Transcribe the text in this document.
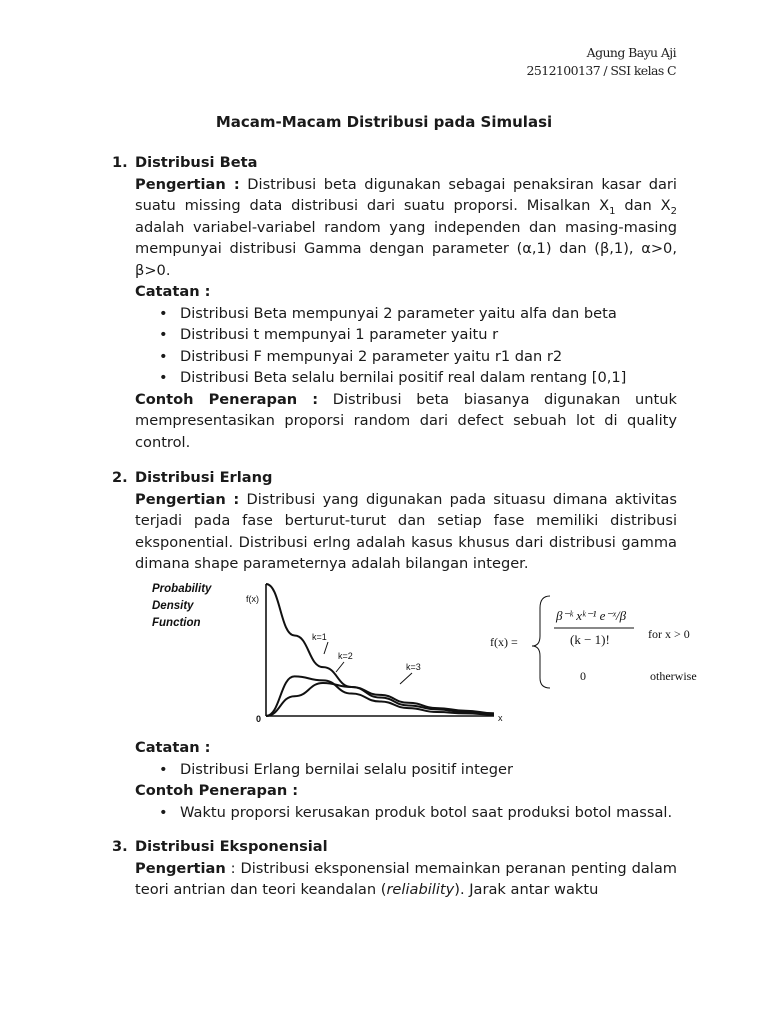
Agung Bayu Aji
2512100137 / SSI kelas C
Macam-Macam Distribusi pada Simulasi
1. Distribusi Beta
Pengertian : Distribusi beta digunakan sebagai penaksiran kasar dari suatu missing data distribusi dari suatu proporsi. Misalkan $X_1$ dan $X_2$ adalah variabel-variabel random yang independen dan masing-masing mempunyai distribusi Gamma dengan parameter (α,1) dan (β,1), α>0, β>0.
Catatan :
• Distribusi Beta mempunyai 2 parameter yaitu alfa dan beta
• Distribusi t mempunyai 1 parameter yaitu r
• Distribusi F mempunyai 2 parameter yaitu r1 dan r2
• Distribusi Beta selalu bernilai positif real dalam rentang [0,1]
Contoh Penerapan : Distribusi beta biasanya digunakan untuk mempresentasikan proporsi random dari defect sebuah lot di quality control.
2. Distribusi Erlang
Pengertian : Distribusi yang digunakan pada situasu dimana aktivitas terjadi pada fase berturut-turut dan setiap fase memiliki distribusi eksponential. Distribusi erlng adalah kasus khusus dari distribusi gamma dimana shape parameternya adalah bilangan integer.
Probability
Density
Function
f(x)
x
0
k=1
k=2
k=3
f(x) =
β⁻ᵏ xᵏ⁻¹ e⁻ˣ/β
(k − 1)!	for x > 0
0	otherwise
Catatan :
• Distribusi Erlang bernilai selalu positif integer
Contoh Penerapan :
• Waktu proporsi kerusakan produk botol saat produksi botol massal.
3. Distribusi Eksponensial
Pengertian : Distribusi eksponensial memainkan peranan penting dalam teori antrian dan teori keandalan (reliability). Jarak antar waktu
